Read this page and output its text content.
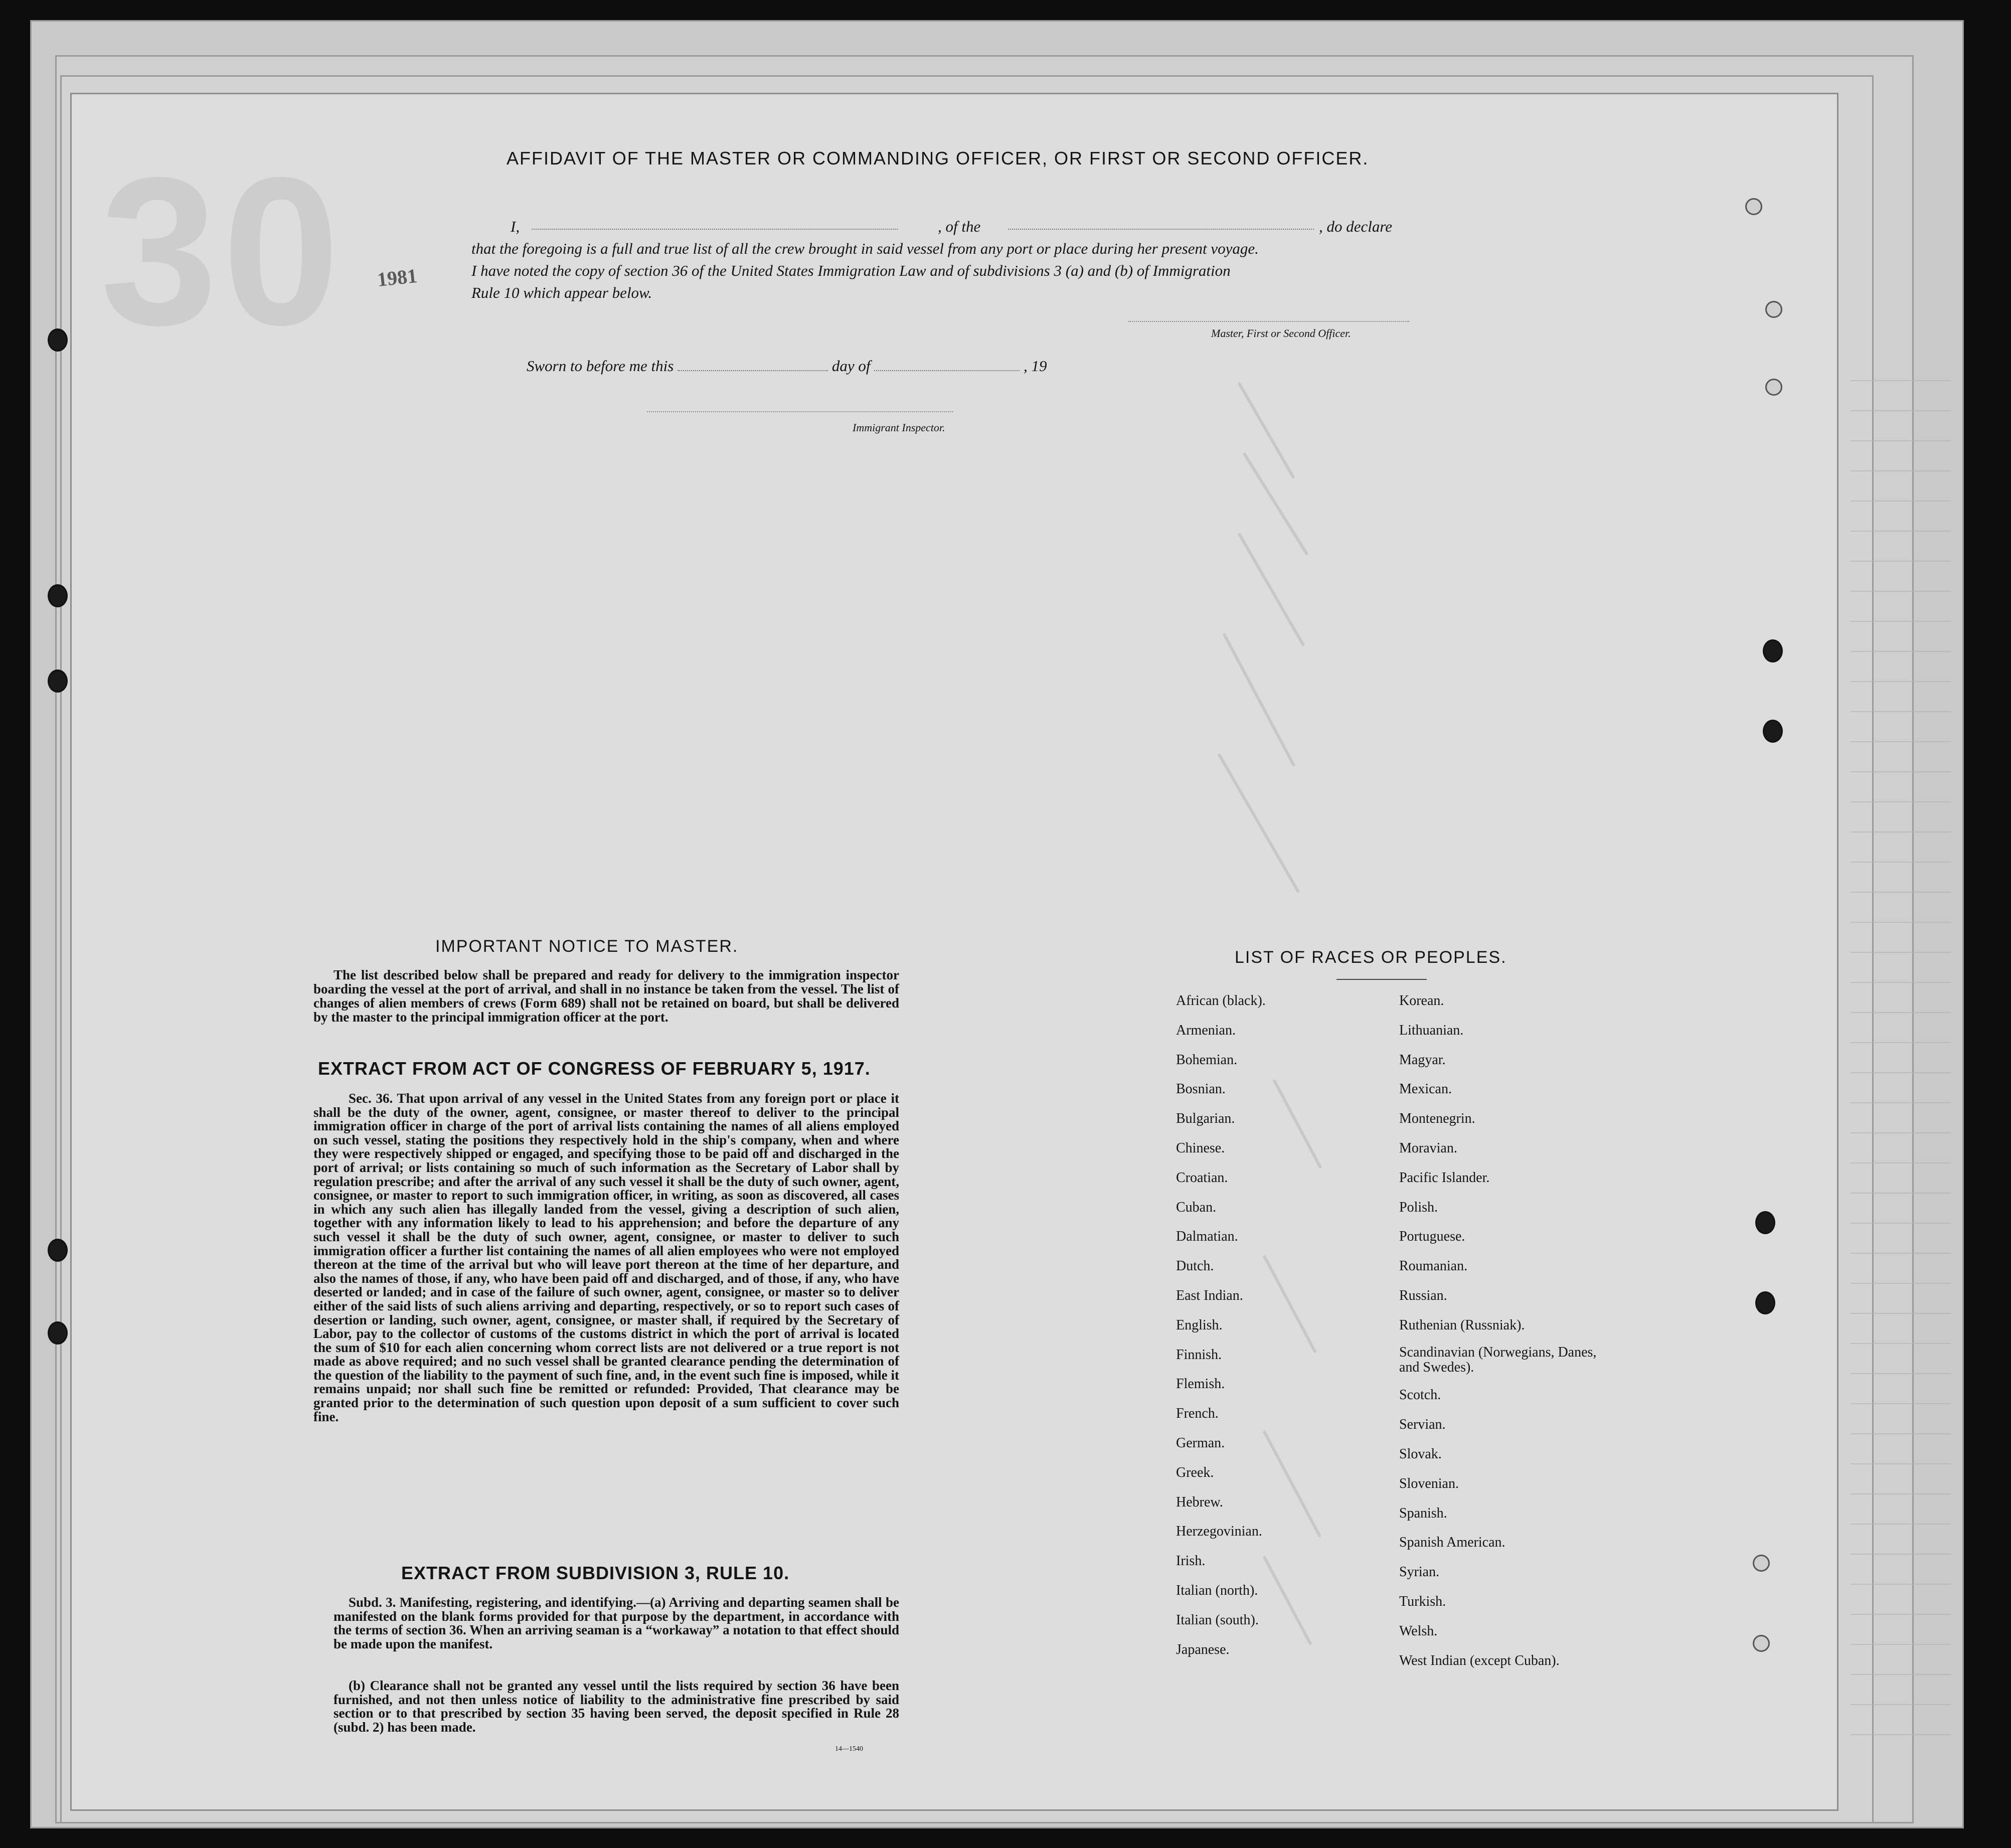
30 1981
AFFIDAVIT OF THE MASTER OR COMMANDING OFFICER, OR FIRST OR SECOND OFFICER.
I,	, of the	, do declare
that the foregoing is a full and true list of all the crew brought in said vessel from any port or place during her present voyage.
I have noted the copy of section 36 of the United States Immigration Law and of subdivisions 3 (a) and (b) of Immigration
Rule 10 which appear below.
Master, First or Second Officer.
Sworn to before me this	day of	, 19
Immigrant Inspector.
IMPORTANT NOTICE TO MASTER.
The list described below shall be prepared and ready for delivery to the immigration inspector boarding the vessel at the port of arrival, and shall in no instance be taken from the vessel. The list of changes of alien members of crews (Form 689) shall not be retained on board, but shall be delivered by the master to the principal immigration officer at the port.
EXTRACT FROM ACT OF CONGRESS OF FEBRUARY 5, 1917.
Sec. 36. That upon arrival of any vessel in the United States from any foreign port or place it shall be the duty of the owner, agent, consignee, or master thereof to deliver to the principal immigration officer in charge of the port of arrival lists containing the names of all aliens employed on such vessel, stating the positions they respectively hold in the ship's company, when and where they were respectively shipped or engaged, and specifying those to be paid off and discharged in the port of arrival; or lists containing so much of such information as the Secretary of Labor shall by regulation prescribe; and after the arrival of any such vessel it shall be the duty of such owner, agent, consignee, or master to report to such immigration officer, in writing, as soon as discovered, all cases in which any such alien has illegally landed from the vessel, giving a description of such alien, together with any information likely to lead to his apprehension; and before the departure of any such vessel it shall be the duty of such owner, agent, consignee, or master to deliver to such immigration officer a further list containing the names of all alien employees who were not employed thereon at the time of the arrival but who will leave port thereon at the time of her departure, and also the names of those, if any, who have been paid off and discharged, and of those, if any, who have deserted or landed; and in case of the failure of such owner, agent, consignee, or master so to deliver either of the said lists of such aliens arriving and departing, respectively, or so to report such cases of desertion or landing, such owner, agent, consignee, or master shall, if required by the Secretary of Labor, pay to the collector of customs of the customs district in which the port of arrival is located the sum of $10 for each alien concerning whom correct lists are not delivered or a true report is not made as above required; and no such vessel shall be granted clearance pending the determination of the question of the liability to the payment of such fine, and, in the event such fine is imposed, while it remains unpaid; nor shall such fine be remitted or refunded: Provided, That clearance may be granted prior to the determination of such question upon deposit of a sum sufficient to cover such fine.
EXTRACT FROM SUBDIVISION 3, RULE 10.
Subd. 3. Manifesting, registering, and identifying.—(a) Arriving and departing seamen shall be manifested on the blank forms provided for that purpose by the department, in accordance with the terms of section 36. When an arriving seaman is a “workaway” a notation to that effect should be made upon the manifest.
(b) Clearance shall not be granted any vessel until the lists required by section 36 have been furnished, and not then unless notice of liability to the administrative fine prescribed by said section or to that prescribed by section 35 having been served, the deposit specified in Rule 28 (subd. 2) has been made.
14—1540
LIST OF RACES OR PEOPLES.
African (black).
Armenian.
Bohemian.
Bosnian.
Bulgarian.
Chinese.
Croatian.
Cuban.
Dalmatian.
Dutch.
East Indian.
English.
Finnish.
Flemish.
French.
German.
Greek.
Hebrew.
Herzegovinian.
Irish.
Italian (north).
Italian (south).
Japanese.
Korean.
Lithuanian.
Magyar.
Mexican.
Montenegrin.
Moravian.
Pacific Islander.
Polish.
Portuguese.
Roumanian.
Russian.
Ruthenian (Russniak).
Scandinavian (Norwegians, Danes, and Swedes).
Scotch.
Servian.
Slovak.
Slovenian.
Spanish.
Spanish American.
Syrian.
Turkish.
Welsh.
West Indian (except Cuban).
